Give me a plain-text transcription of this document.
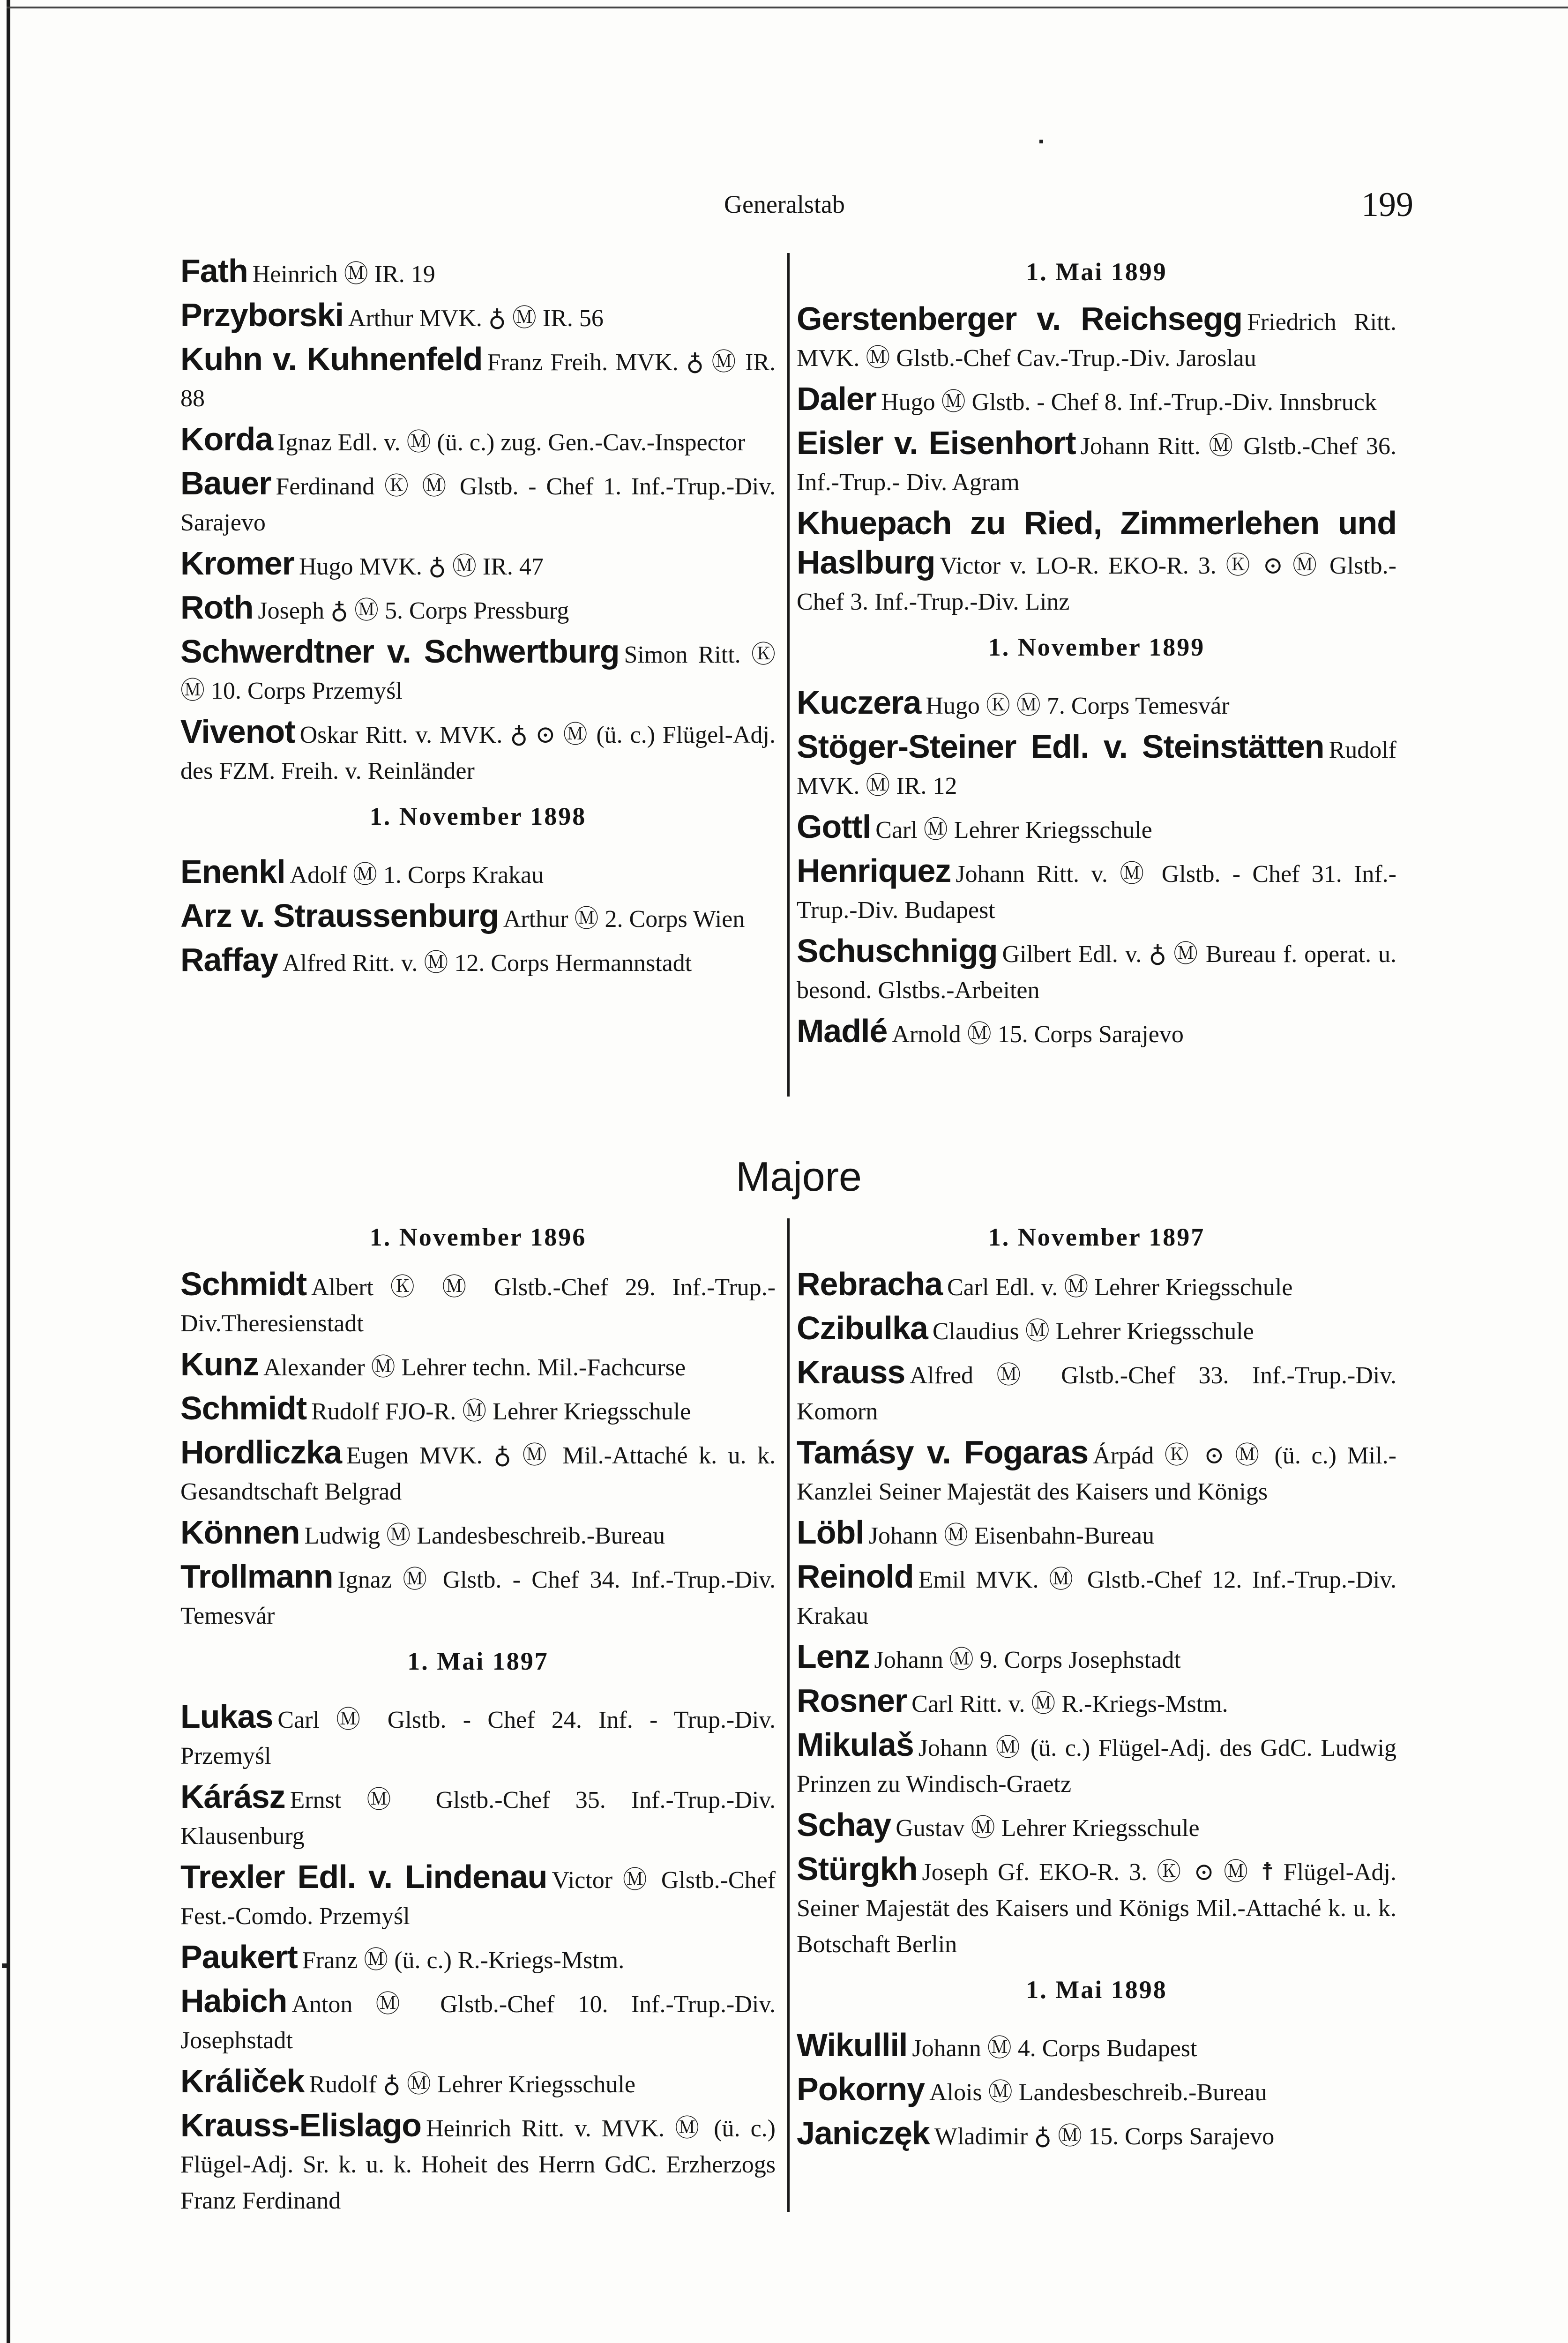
Generalstab	199
Fath Heinrich Ⓜ IR. 19
Przyborski Arthur MVK. ♁ Ⓜ IR. 56
Kuhn v. Kuhnenfeld Franz Freih. MVK. ♁ Ⓜ IR. 88
Korda Ignaz Edl. v. Ⓜ (ü. c.) zug. Gen.-Cav.-Inspector
Bauer Ferdinand Ⓚ Ⓜ Glstb. - Chef 1. Inf.-Trup.-Div. Sarajevo
Kromer Hugo MVK. ♁ Ⓜ IR. 47
Roth Joseph ♁ Ⓜ 5. Corps Pressburg
Schwerdtner v. Schwertburg Simon Ritt. Ⓚ Ⓜ 10. Corps Przemyśl
Vivenot Oskar Ritt. v. MVK. ♁ ⊙ Ⓜ (ü. c.) Flügel-Adj. des FZM. Freih. v. Reinländer
1. November 1898
Enenkl Adolf Ⓜ 1. Corps Krakau
Arz v. Straussenburg Arthur Ⓜ 2. Corps Wien
Raffay Alfred Ritt. v. Ⓜ 12. Corps Hermannstadt
1. Mai 1899
Gerstenberger v. Reichsegg Friedrich Ritt. MVK. Ⓜ Glstb.-Chef Cav.-Trup.-Div. Jaroslau
Daler Hugo Ⓜ Glstb. - Chef 8. Inf.-Trup.-Div. Innsbruck
Eisler v. Eisenhort Johann Ritt. Ⓜ Glstb.-Chef 36. Inf.-Trup.- Div. Agram
Khuepach zu Ried, Zimmerlehen und Haslburg Victor v. LO-R. EKO-R. 3. Ⓚ ⊙ Ⓜ Glstb.-Chef 3. Inf.-Trup.-Div. Linz
1. November 1899
Kuczera Hugo Ⓚ Ⓜ 7. Corps Temesvár
Stöger-Steiner Edl. v. Steinstätten Rudolf MVK. Ⓜ IR. 12
Gottl Carl Ⓜ Lehrer Kriegsschule
Henriquez Johann Ritt. v. Ⓜ Glstb. - Chef 31. Inf.-Trup.-Div. Budapest
Schuschnigg Gilbert Edl. v. ♁ Ⓜ Bureau f. operat. u. besond. Glstbs.-Arbeiten
Madlé Arnold Ⓜ 15. Corps Sarajevo
Majore
1. November 1896
Schmidt Albert Ⓚ Ⓜ Glstb.-Chef 29. Inf.-Trup.-Div.Theresienstadt
Kunz Alexander Ⓜ Lehrer techn. Mil.-Fachcurse
Schmidt Rudolf FJO-R. Ⓜ Lehrer Kriegsschule
Hordliczka Eugen MVK. ♁ Ⓜ Mil.-Attaché k. u. k. Gesandtschaft Belgrad
Können Ludwig Ⓜ Landesbeschreib.-Bureau
Trollmann Ignaz Ⓜ Glstb. - Chef 34. Inf.-Trup.-Div. Temesvár
1. Mai 1897
Lukas Carl Ⓜ Glstb. - Chef 24. Inf. - Trup.-Div. Przemyśl
Kárász Ernst Ⓜ Glstb.-Chef 35. Inf.-Trup.-Div. Klausenburg
Trexler Edl. v. Lindenau Victor Ⓜ Glstb.-Chef Fest.-Comdo. Przemyśl
Paukert Franz Ⓜ (ü. c.) R.-Kriegs-Mstm.
Habich Anton Ⓜ Glstb.-Chef 10. Inf.-Trup.-Div. Josephstadt
Králiček Rudolf ♁ Ⓜ Lehrer Kriegsschule
Krauss-Elislago Heinrich Ritt. v. MVK. Ⓜ (ü. c.) Flügel-Adj. Sr. k. u. k. Hoheit des Herrn GdC. Erzherzogs Franz Ferdinand
1. November 1897
Rebracha Carl Edl. v. Ⓜ Lehrer Kriegsschule
Czibulka Claudius Ⓜ Lehrer Kriegsschule
Krauss Alfred Ⓜ Glstb.-Chef 33. Inf.-Trup.-Div. Komorn
Tamásy v. Fogaras Árpád Ⓚ ⊙ Ⓜ (ü. c.) Mil.-Kanzlei Seiner Majestät des Kaisers und Königs
Löbl Johann Ⓜ Eisenbahn-Bureau
Reinold Emil MVK. Ⓜ Glstb.-Chef 12. Inf.-Trup.-Div. Krakau
Lenz Johann Ⓜ 9. Corps Josephstadt
Rosner Carl Ritt. v. Ⓜ R.-Kriegs-Mstm.
Mikulaš Johann Ⓜ (ü. c.) Flügel-Adj. des GdC. Ludwig Prinzen zu Windisch-Graetz
Schay Gustav Ⓜ Lehrer Kriegsschule
Stürgkh Joseph Gf. EKO-R. 3. Ⓚ ⊙ Ⓜ ☨ Flügel-Adj. Seiner Majestät des Kaisers und Königs Mil.-Attaché k. u. k. Botschaft Berlin
1. Mai 1898
Wikullil Johann Ⓜ 4. Corps Budapest
Pokorny Alois Ⓜ Landesbeschreib.-Bureau
Janiczęk Wladimir ♁ Ⓜ 15. Corps Sarajevo
